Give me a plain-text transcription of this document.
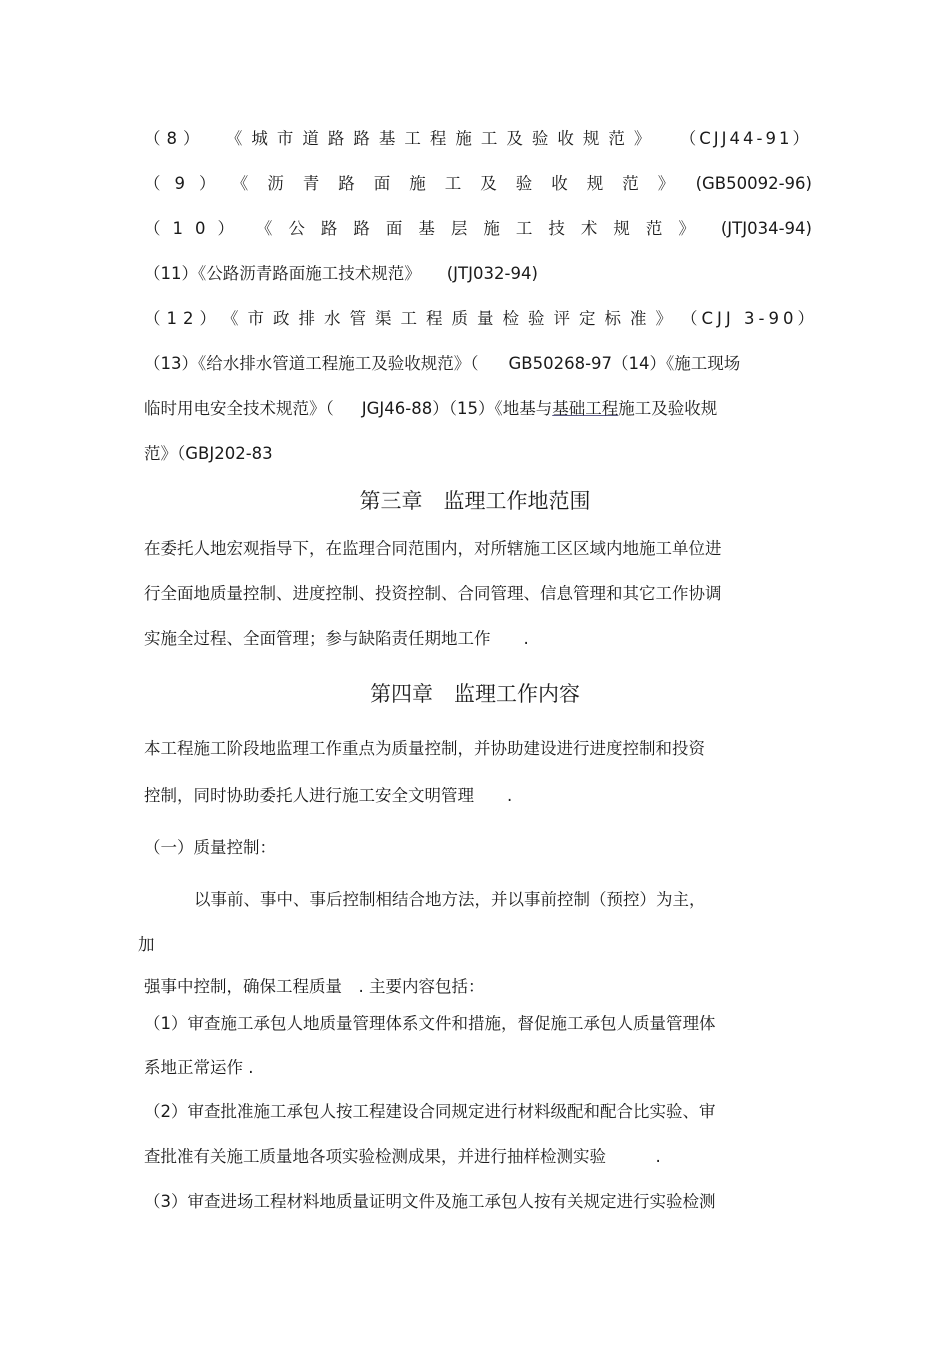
（8） 《城市道路路基工程施工及验收规范》 （CJJ44-91）
（9） 《沥青路面施工及验收规范》 (GB50092-96)
（10） 《公路路面基层施工技术规范》 (JTJ034-94)
（11）《公路沥青路面施工技术规范》 (JTJ032-94)
（12） 《市政排水管渠工程质量检验评定标准》 （CJJ 3-90）
（13）《给水排水管道工程施工及验收规范》（ GB50268-97（14）《施工现场
临时用电安全技术规范》（ JGJ46-88）（15）《地基与基础工程施工及验收规
范》（GBJ202-83
第三章　监理工作地范围
在委托人地宏观指导下，在监理合同范围内，对所辖施工区区域内地施工单位进
行全面地质量控制、进度控制、投资控制、合同管理、信息管理和其它工作协调
实施全过程、全面管理；参与缺陷责任期地工作　　.
第四章　监理工作内容
本工程施工阶段地监理工作重点为质量控制，并协助建设进行进度控制和投资
控制，同时协助委托人进行施工安全文明管理　　.
（一）质量控制：
以事前、事中、事后控制相结合地方法，并以事前控制（预控）为主，
加
强事中控制，确保工程质量　. 主要内容包括：
（1）审查施工承包人地质量管理体系文件和措施，督促施工承包人质量管理体
系地正常运作 .
（2）审查批准施工承包人按工程建设合同规定进行材料级配和配合比实验、审
查批准有关施工质量地各项实验检测成果，并进行抽样检测实验　　　.
（3）审查进场工程材料地质量证明文件及施工承包人按有关规定进行实验检测
